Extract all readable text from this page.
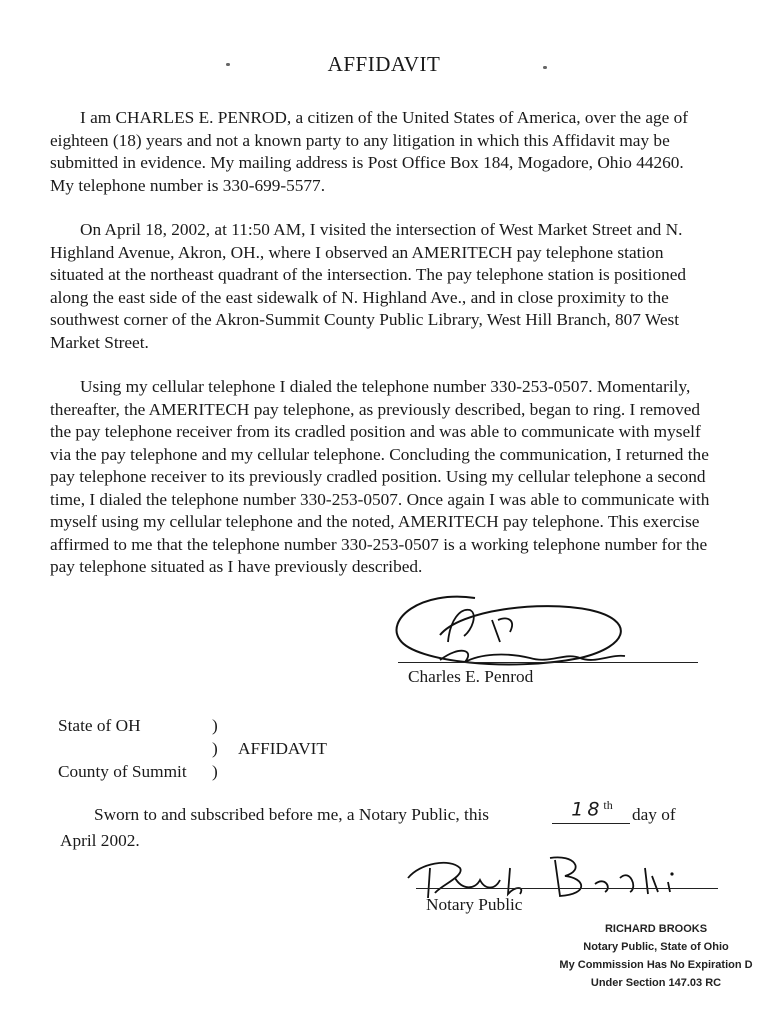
AFFIDAVIT

I am CHARLES E. PENROD, a citizen of the United States of America, over the age of eighteen (18) years and not a known party to any litigation in which this Affidavit may be submitted in evidence. My mailing address is Post Office Box 184, Mogadore, Ohio 44260. My telephone number is 330-699-5577.

On April 18, 2002, at 11:50 AM, I visited the intersection of West Market Street and N. Highland Avenue, Akron, OH., where I observed an AMERITECH pay telephone station situated at the northeast quadrant of the intersection. The pay telephone station is positioned along the east side of the east sidewalk of N. Highland Ave., and in close proximity to the southwest corner of the Akron-Summit County Public Library, West Hill Branch, 807 West Market Street.

Using my cellular telephone I dialed the telephone number 330-253-0507. Momentarily, thereafter, the AMERITECH pay telephone, as previously described, began to ring. I removed the pay telephone receiver from its cradled position and was able to communicate with myself via the pay telephone and my cellular telephone. Concluding the communication, I returned the pay telephone receiver to its previously cradled position. Using my cellular telephone a second time, I dialed the telephone number 330-253-0507. Once again I was able to communicate with myself using my cellular telephone and the noted, AMERITECH pay telephone. This exercise affirmed to me that the telephone number 330-253-0507 is a working telephone number for the pay telephone situated as I have previously described.

Charles E. Penrod
State of OH	)
) AFFIDAVIT
County of Summit )
Sworn to and subscribed before me, a Notary Public, this	18th	day of
April 2002.
Notary Public
RICHARD BROOKS
Notary Public, State of Ohio
My Commission Has No Expiration D
Under Section 147.03 RC
